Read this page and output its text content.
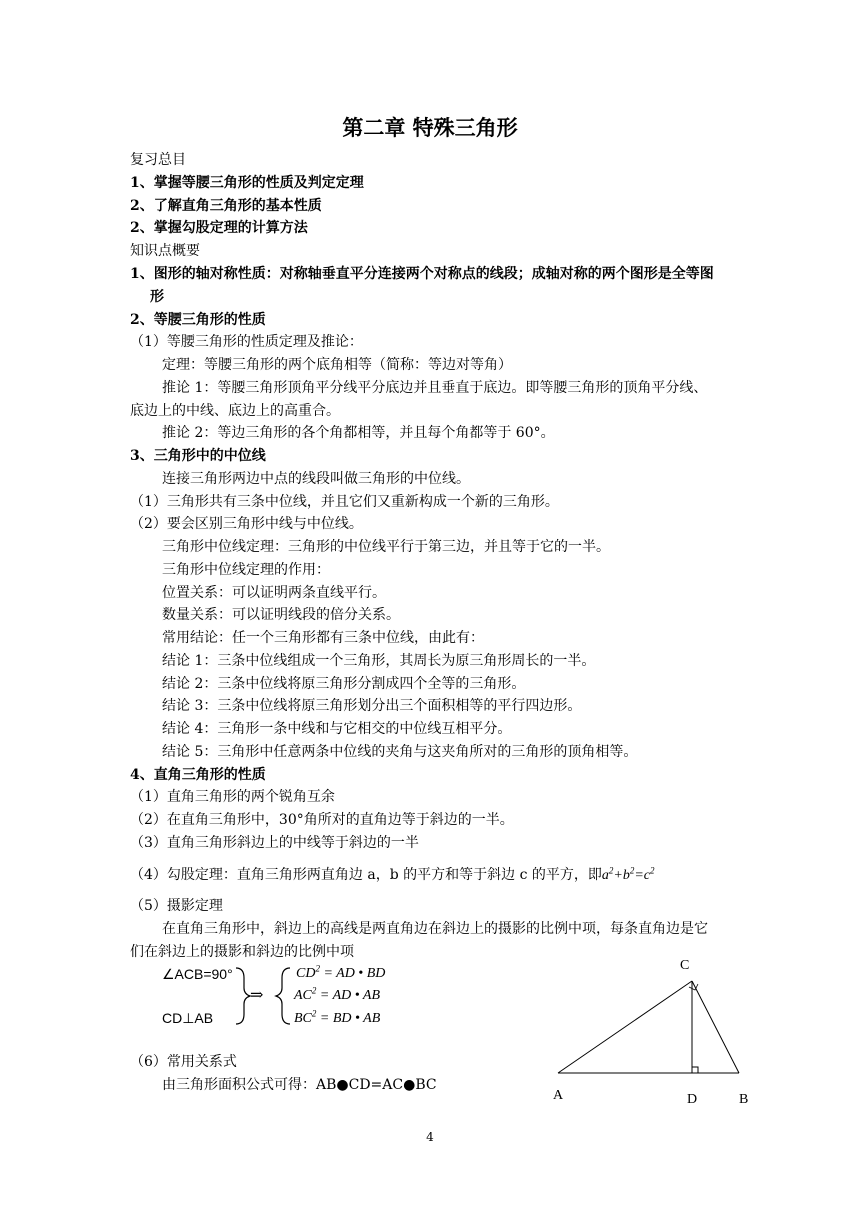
第二章 特殊三角形
复习总目
1、掌握等腰三角形的性质及判定定理
2、了解直角三角形的基本性质
2、掌握勾股定理的计算方法
知识点概要
1、图形的轴对称性质：对称轴垂直平分连接两个对称点的线段；成轴对称的两个图形是全等图
形
2、等腰三角形的性质
（1）等腰三角形的性质定理及推论：
定理：等腰三角形的两个底角相等（简称：等边对等角）
推论 1：等腰三角形顶角平分线平分底边并且垂直于底边。即等腰三角形的顶角平分线、
底边上的中线、底边上的高重合。
推论 2：等边三角形的各个角都相等，并且每个角都等于 60°。
3、三角形中的中位线
连接三角形两边中点的线段叫做三角形的中位线。
（1）三角形共有三条中位线，并且它们又重新构成一个新的三角形。
（2）要会区别三角形中线与中位线。
三角形中位线定理：三角形的中位线平行于第三边，并且等于它的一半。
三角形中位线定理的作用：
位置关系：可以证明两条直线平行。
数量关系：可以证明线段的倍分关系。
常用结论：任一个三角形都有三条中位线，由此有：
结论 1：三条中位线组成一个三角形，其周长为原三角形周长的一半。
结论 2：三条中位线将原三角形分割成四个全等的三角形。
结论 3：三条中位线将原三角形划分出三个面积相等的平行四边形。
结论 4：三角形一条中线和与它相交的中位线互相平分。
结论 5：三角形中任意两条中位线的夹角与这夹角所对的三角形的顶角相等。
4、直角三角形的性质
（1）直角三角形的两个锐角互余
（2）在直角三角形中，30°角所对的直角边等于斜边的一半。
（3）直角三角形斜边上的中线等于斜边的一半
（4）勾股定理：直角三角形两直角边 a，b 的平方和等于斜边 c 的平方，即$a^2+b^2=c^2$
（5）摄影定理
在直角三角形中，斜边上的高线是两直角边在斜边上的摄影的比例中项，每条直角边是它
们在斜边上的摄影和斜边的比例中项
∠ACB=90°
CD⊥AB
⇒
$CD^2$ = AD • BD
$AC^2$ = AD • AB
$BC^2$ = BD • AB
（6）常用关系式
由三角形面积公式可得：AB●CD=AC●BC
C
A	D	B
4
